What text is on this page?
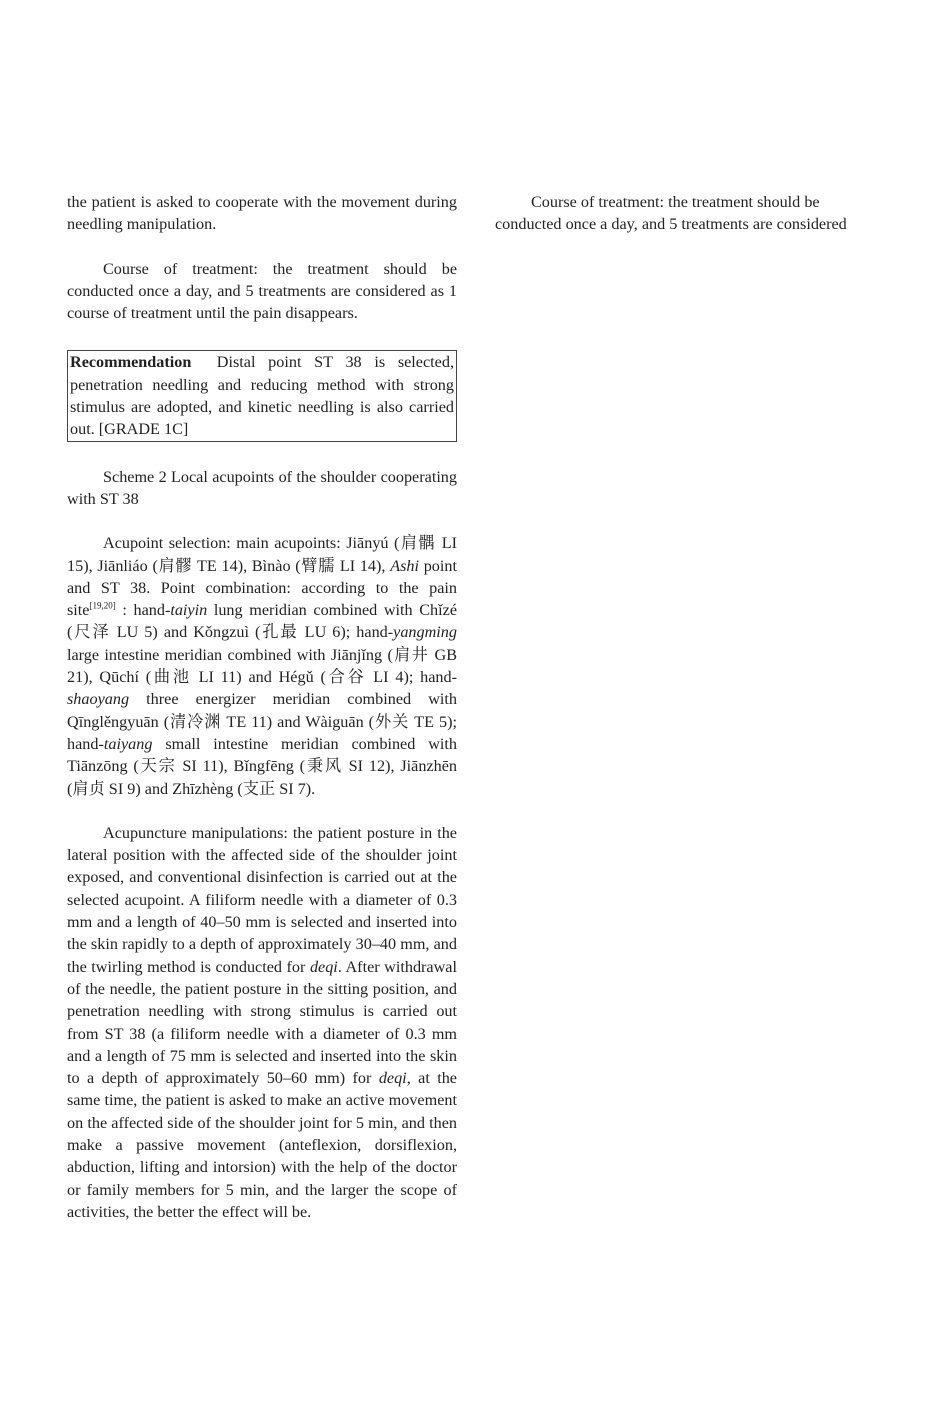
the patient is asked to cooperate with the movement during needling manipulation.

Course of treatment: the treatment should be conducted once a day, and 5 treatments are considered as 1 course of treatment until the pain disappears.

Recommendation Distal point ST 38 is selected, penetration needling and reducing method with strong stimulus are adopted, and kinetic needling is also carried out. [GRADE 1C]

Scheme 2 Local acupoints of the shoulder cooperating with ST 38

Acupoint selection: main acupoints: Jiānyú (肩髃 LI 15), Jiānliáo (肩髎 TE 14), Bìnào (臂臑 LI 14), Ashi point and ST 38. Point combination: according to the pain site[19,20] : hand-taiyin lung meridian combined with Chǐzé (尺泽 LU 5) and Kǒngzuì (孔最 LU 6); hand-yangming large intestine meridian combined with Jiānjǐng (肩井 GB 21), Qūchí (曲池 LI 11) and Hégǔ (合谷 LI 4); hand-shaoyang three energizer meridian combined with Qīnglěngyuān (清冷渊 TE 11) and Wàiguān (外关 TE 5); hand-taiyang small intestine meridian combined with Tiānzōng (天宗 SI 11), Bǐngfēng (秉风 SI 12), Jiānzhēn (肩贞 SI 9) and Zhīzhèng (支正 SI 7).

Acupuncture manipulations: the patient posture in the lateral position with the affected side of the shoulder joint exposed, and conventional disinfection is carried out at the selected acupoint. A filiform needle with a diameter of 0.3 mm and a length of 40–50 mm is selected and inserted into the skin rapidly to a depth of approximately 30–40 mm, and the twirling method is conducted for deqi. After withdrawal of the needle, the patient posture in the sitting position, and penetration needling with strong stimulus is carried out from ST 38 (a filiform needle with a diameter of 0.3 mm and a length of 75 mm is selected and inserted into the skin to a depth of approximately 50–60 mm) for deqi, at the same time, the patient is asked to make an active movement on the affected side of the shoulder joint for 5 min, and then make a passive movement (anteflexion, dorsiflexion, abduction, lifting and intorsion) with the help of the doctor or family members for 5 min, and the larger the scope of activities, the better the effect will be.

Course of treatment: the treatment should be conducted once a day, and 5 treatments are considered
